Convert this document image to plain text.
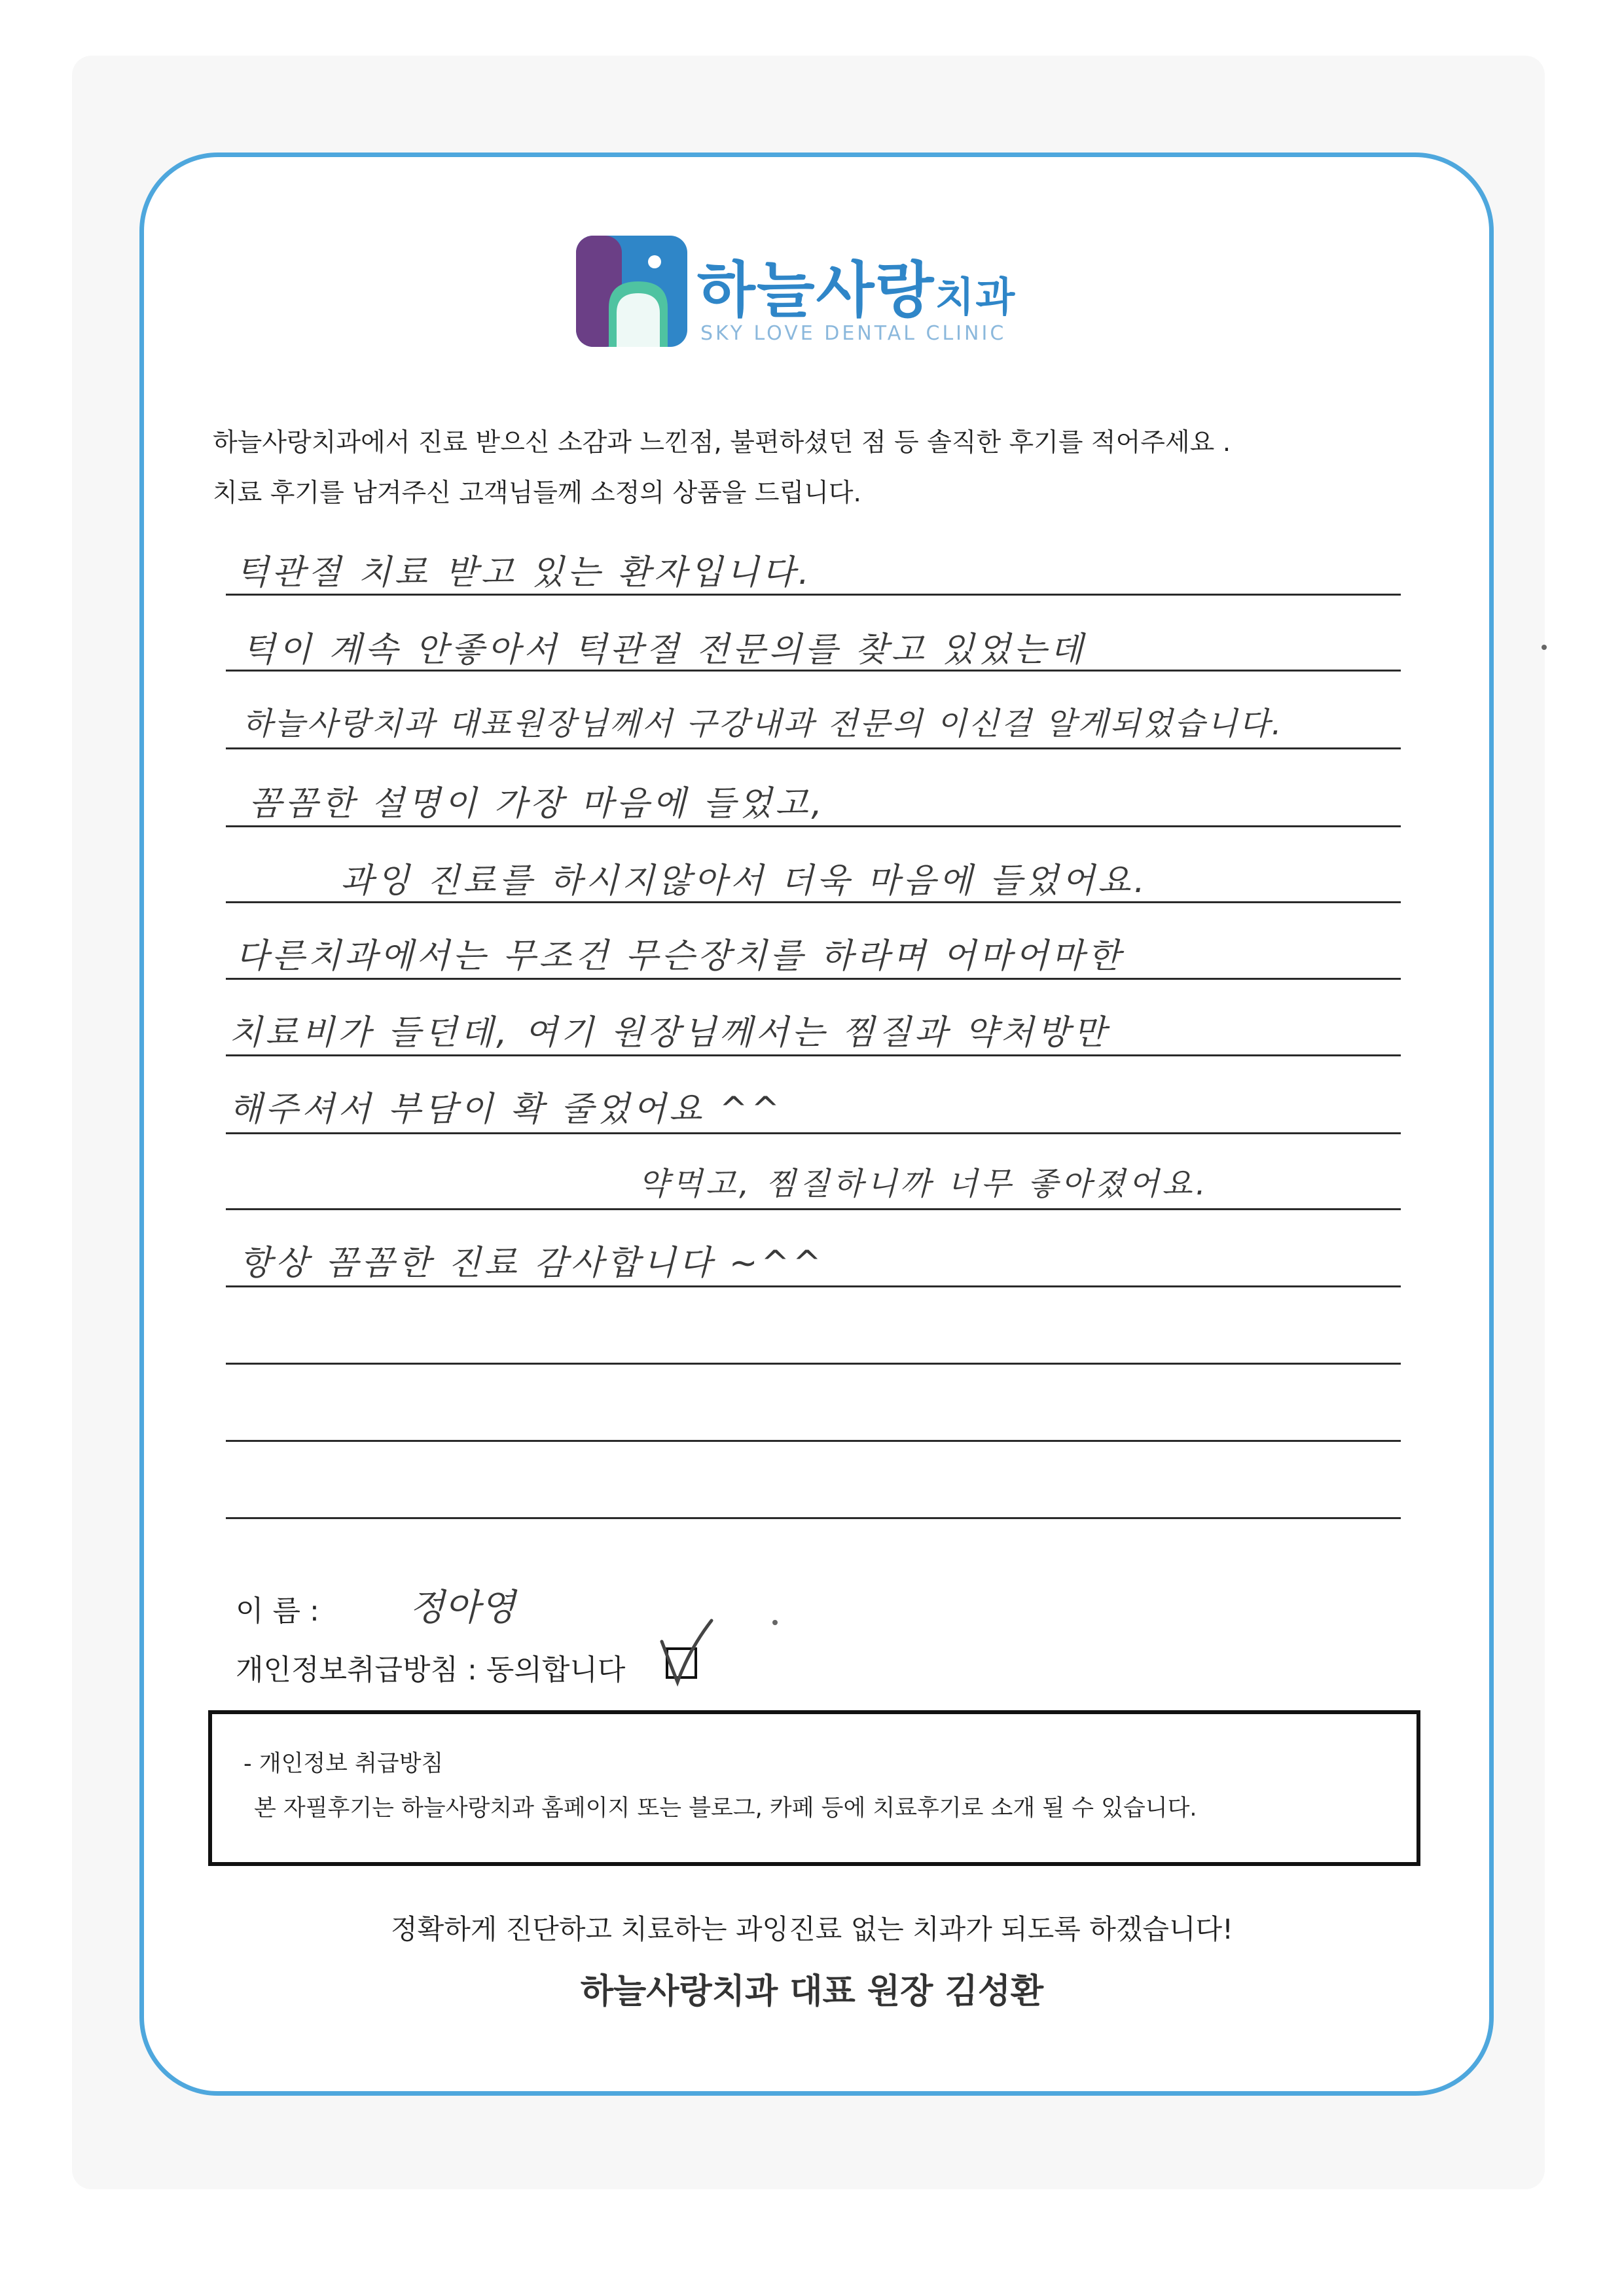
하늘사랑치과
SKY LOVE DENTAL CLINIC
하늘사랑치과에서 진료 받으신 소감과 느낀점, 불편하셨던 점 등 솔직한 후기를 적어주세요 .
치료 후기를 남겨주신 고객님들께 소정의 상품을 드립니다.
턱관절 치료 받고 있는 환자입니다.
턱이 계속 안좋아서 턱관절 전문의를 찾고 있었는데
하늘사랑치과 대표원장님께서 구강내과 전문의 이신걸 알게되었습니다.
꼼꼼한 설명이 가장 마음에 들었고,
과잉 진료를 하시지않아서 더욱 마음에 들었어요.
다른치과에서는 무조건 무슨장치를 하라며 어마어마한
치료비가 들던데, 여기 원장님께서는 찜질과 약처방만
해주셔서 부담이 확 줄었어요 ^^
약먹고, 찜질하니까 너무 좋아졌어요.
항상 꼼꼼한 진료 감사합니다 ~^^
이 름 : 정아영
개인정보취급방침 : 동의합니다
- 개인정보 취급방침
본 자필후기는 하늘사랑치과 홈페이지 또는 블로그, 카페 등에 치료후기로 소개 될 수 있습니다.
정확하게 진단하고 치료하는 과잉진료 없는 치과가 되도록 하겠습니다!
하늘사랑치과 대표 원장 김성환
